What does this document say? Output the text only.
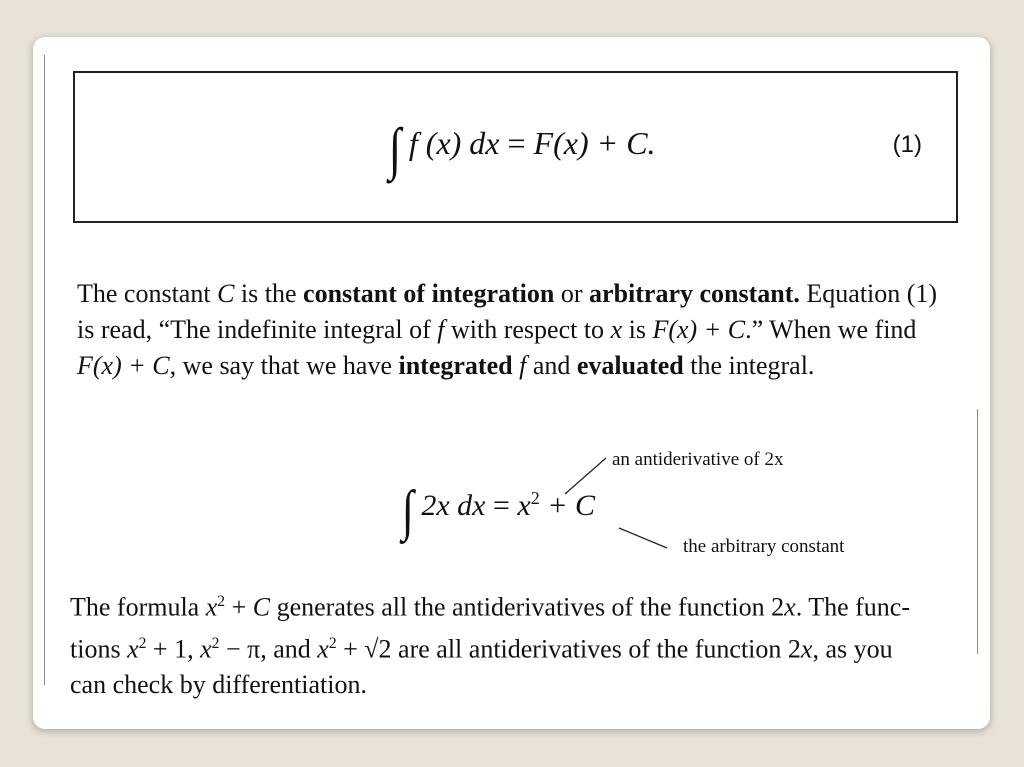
∫ f (x) dx = F(x) + C.	(1)
The constant C is the constant of integration or arbitrary constant. Equation (1)
is read, “The indefinite integral of f with respect to x is F(x) + C.” When we find
F(x) + C, we say that we have integrated f and evaluated the integral.
∫ 2x dx = $x^2 + C$
an antiderivative of 2x
the arbitrary constant
The formula $x^2 + C$ generates all the antiderivatives of the function 2x. The func-
tions $x^2 + 1$, $x^2 - \pi$, and $x^2 + √2$ are all antiderivatives of the function 2x, as you
can check by differentiation.
